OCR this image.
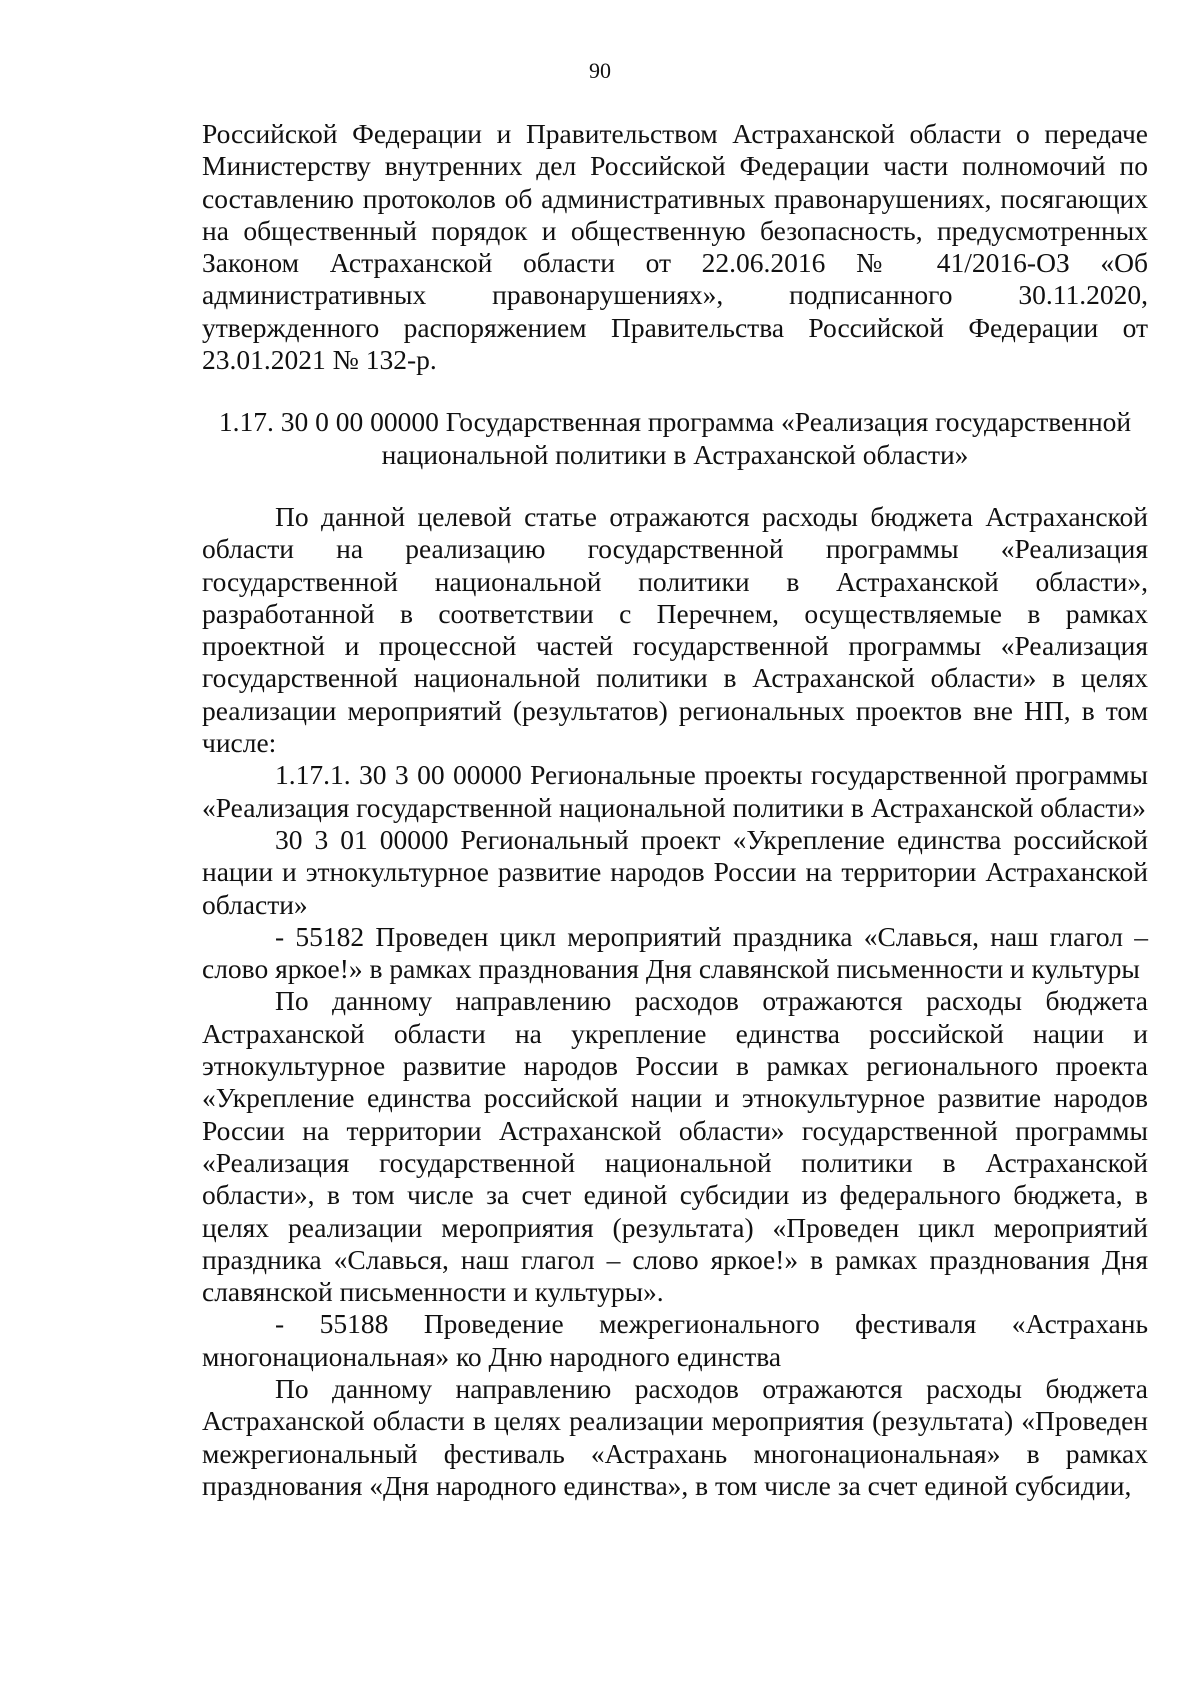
90

Российской Федерации и Правительством Астраханской области о передаче Министерству внутренних дел Российской Федерации части полномочий по составлению протоколов об административных правонарушениях, посягающих на общественный порядок и общественную безопасность, предусмотренных Законом Астраханской области от 22.06.2016 № 41/2016-ОЗ «Об административных правонарушениях», подписанного 30.11.2020, утвержденного распоряжением Правительства Российской Федерации от 23.01.2021 № 132-р.

1.17. 30 0 00 00000 Государственная программа «Реализация государственной
национальной политики в Астраханской области»

По данной целевой статье отражаются расходы бюджета Астраханской области на реализацию государственной программы «Реализация государственной национальной политики в Астраханской области», разработанной в соответствии с Перечнем, осуществляемые в рамках проектной и процессной частей государственной программы «Реализация государственной национальной политики в Астраханской области» в целях реализации мероприятий (результатов) региональных проектов вне НП, в том числе:

1.17.1. 30 3 00 00000 Региональные проекты государственной программы «Реализация государственной национальной политики в Астраханской области»

30 3 01 00000 Региональный проект «Укрепление единства российской нации и этнокультурное развитие народов России на территории Астраханской области»

- 55182 Проведен цикл мероприятий праздника «Славься, наш глагол – слово яркое!» в рамках празднования Дня славянской письменности и культуры

По данному направлению расходов отражаются расходы бюджета Астраханской области на укрепление единства российской нации и этнокультурное развитие народов России в рамках регионального проекта «Укрепление единства российской нации и этнокультурное развитие народов России на территории Астраханской области» государственной программы «Реализация государственной национальной политики в Астраханской области», в том числе за счет единой субсидии из федерального бюджета, в целях реализации мероприятия (результата) «Проведен цикл мероприятий праздника «Славься, наш глагол – слово яркое!» в рамках празднования Дня славянской письменности и культуры».

- 55188 Проведение межрегионального фестиваля «Астрахань многонациональная» ко Дню народного единства

По данному направлению расходов отражаются расходы бюджета Астраханской области в целях реализации мероприятия (результата) «Проведен межрегиональный фестиваль «Астрахань многонациональная» в рамках празднования «Дня народного единства», в том числе за счет единой субсидии,
